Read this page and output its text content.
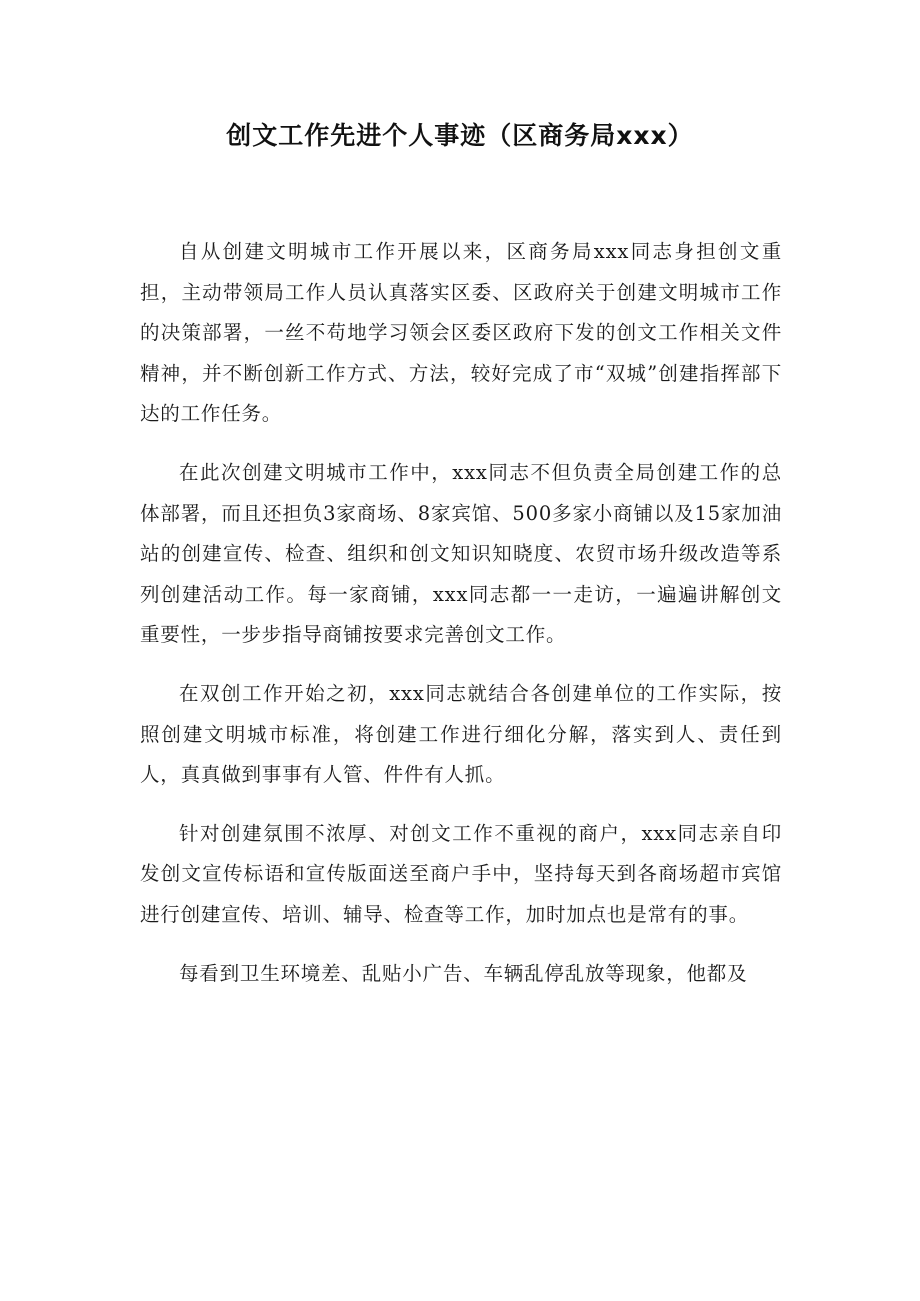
创文工作先进个人事迹（区商务局xxx）

自从创建文明城市工作开展以来，区商务局xxx同志身担创文重担，主动带领局工作人员认真落实区委、区政府关于创建文明城市工作的决策部署，一丝不苟地学习领会区委区政府下发的创文工作相关文件精神，并不断创新工作方式、方法，较好完成了市“双城”创建指挥部下达的工作任务。

在此次创建文明城市工作中，xxx同志不但负责全局创建工作的总体部署，而且还担负3家商场、8家宾馆、500多家小商铺以及15家加油站的创建宣传、检查、组织和创文知识知晓度、农贸市场升级改造等系列创建活动工作。每一家商铺，xxx同志都一一走访，一遍遍讲解创文重要性，一步步指导商铺按要求完善创文工作。

在双创工作开始之初，xxx同志就结合各创建单位的工作实际，按照创建文明城市标准，将创建工作进行细化分解，落实到人、责任到人，真真做到事事有人管、件件有人抓。

针对创建氛围不浓厚、对创文工作不重视的商户，xxx同志亲自印发创文宣传标语和宣传版面送至商户手中，坚持每天到各商场超市宾馆进行创建宣传、培训、辅导、检查等工作，加时加点也是常有的事。

每看到卫生环境差、乱贴小广告、车辆乱停乱放等现象，他都及
